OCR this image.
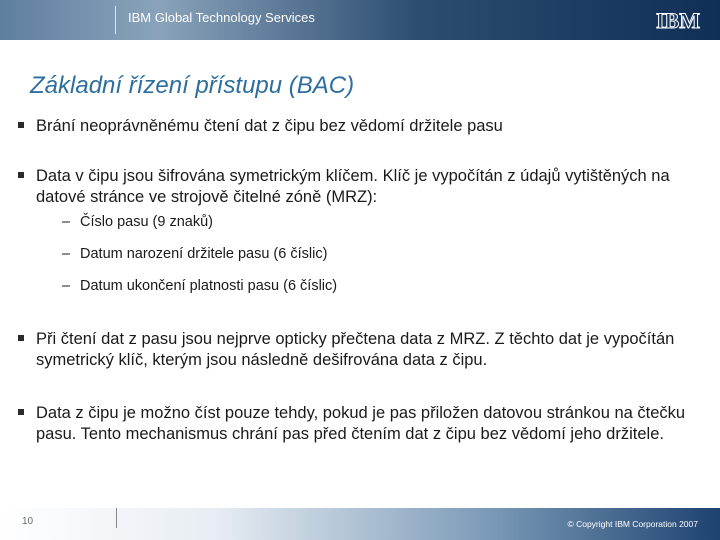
IBM Global Technology Services	IBM
Základní řízení přístupu (BAC)
Brání neoprávněnému čtení dat z čipu bez vědomí držitele pasu
Data v čipu jsou šifrována symetrickým klíčem. Klíč je vypočítán z údajů vytištěných na datové stránce ve strojově čitelné zóně (MRZ):
– Číslo pasu (9 znaků)
– Datum narození držitele pasu (6 číslic)
– Datum ukončení platnosti pasu (6 číslic)
Při čtení dat z pasu jsou nejprve opticky přečtena data z MRZ. Z těchto dat je vypočítán symetrický klíč, kterým jsou následně dešifrována data z čipu.
Data z čipu je možno číst pouze tehdy, pokud je pas přiložen datovou stránkou na čtečku pasu. Tento mechanismus chrání pas před čtením dat z čipu bez vědomí jeho držitele.
10	© Copyright IBM Corporation 2007
